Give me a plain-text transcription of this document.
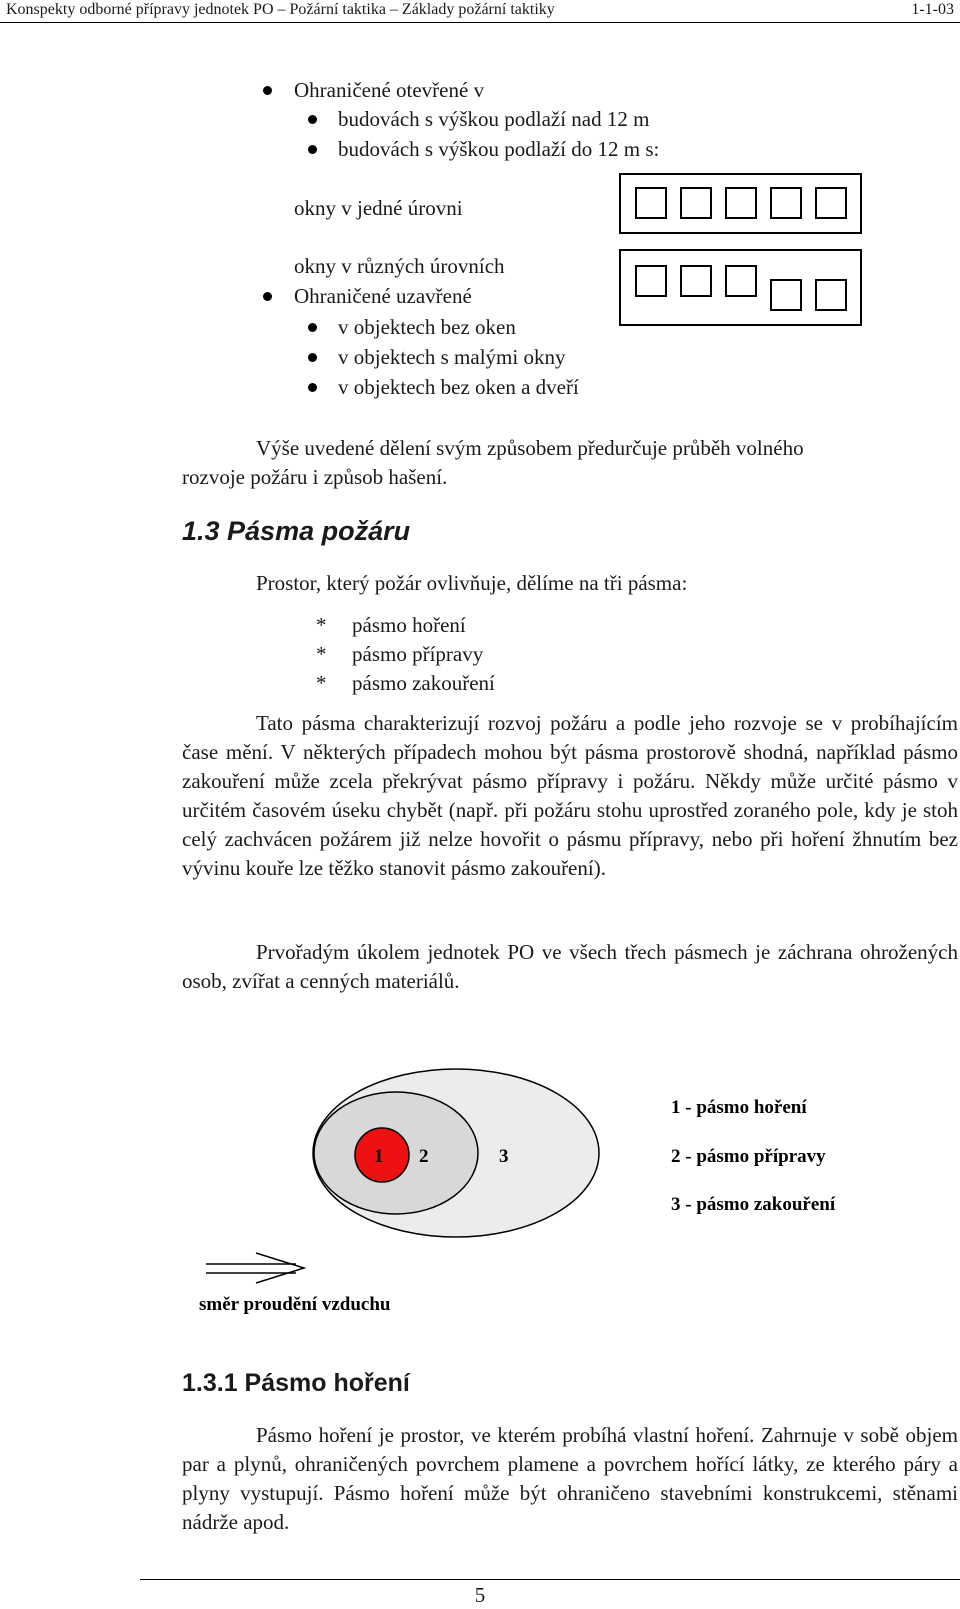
Konspekty odborné přípravy jednotek PO – Požární taktika – Základy požární taktiky	1-1-03
Ohraničené otevřené v
budovách s výškou podlaží nad 12 m
budovách s výškou podlaží do 12 m s:
okny v jedné úrovni
okny v různých úrovních
Ohraničené uzavřené
v objektech bez oken
v objektech s malými okny
v objektech bez oken a dveří
1 2	3
1 - pásmo hoření
2 - pásmo přípravy
3 - pásmo zakouření
směr proudění vzduchu
Výše uvedené dělení svým způsobem předurčuje průběh volného
rozvoje požáru i způsob hašení.
1.3 Pásma požáru
Prostor, který požár ovlivňuje, dělíme na tři pásma:
* pásmo hoření
* pásmo přípravy
* pásmo zakouření
Tato pásma charakterizují rozvoj požáru a podle jeho rozvoje se v probíhajícím čase mění. V některých případech mohou být pásma prostorově shodná, například pásmo zakouření může zcela překrývat pásmo přípravy i požáru. Někdy může určité pásmo v určitém časovém úseku chybět (např. při požáru stohu uprostřed zoraného pole, kdy je stoh celý zachvácen požárem již nelze hovořit o pásmu přípravy, nebo při hoření žhnutím bez vývinu kouře lze těžko stanovit pásmo zakouření).
Prvořadým úkolem jednotek PO ve všech třech pásmech je záchrana ohrožených osob, zvířat a cenných materiálů.
1.3.1 Pásmo hoření
Pásmo hoření je prostor, ve kterém probíhá vlastní hoření. Zahrnuje v sobě objem par a plynů, ohraničených povrchem plamene a povrchem hořící látky, ze kterého páry a plyny vystupují. Pásmo hoření může být ohraničeno stavebními konstrukcemi, stěnami nádrže apod.
5
